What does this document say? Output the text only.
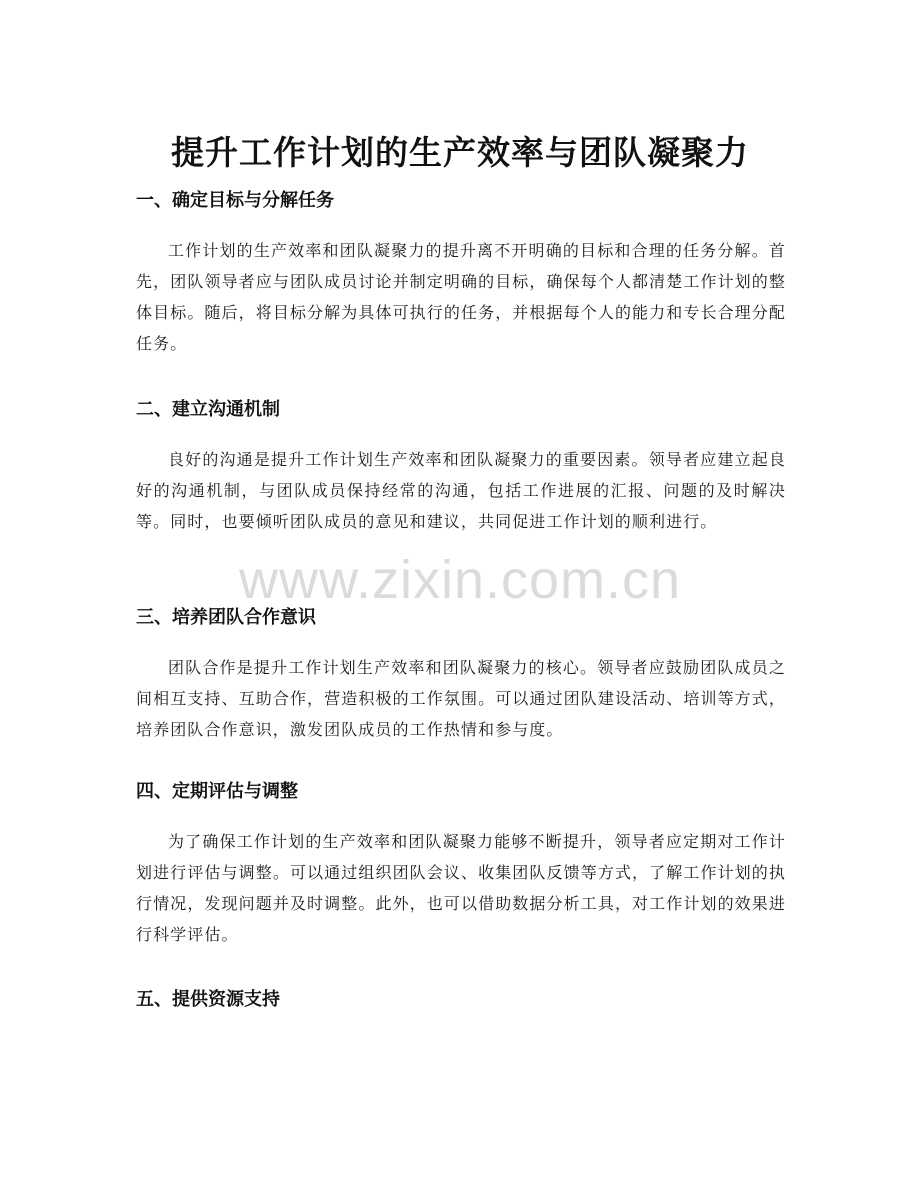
提升工作计划的生产效率与团队凝聚力
一、确定目标与分解任务

工作计划的生产效率和团队凝聚力的提升离不开明确的目标和合理的任务分解。首先，团队领导者应与团队成员讨论并制定明确的目标，确保每个人都清楚工作计划的整体目标。随后，将目标分解为具体可执行的任务，并根据每个人的能力和专长合理分配任务。

二、建立沟通机制

良好的沟通是提升工作计划生产效率和团队凝聚力的重要因素。领导者应建立起良好的沟通机制，与团队成员保持经常的沟通，包括工作进展的汇报、问题的及时解决等。同时，也要倾听团队成员的意见和建议，共同促进工作计划的顺利进行。

三、培养团队合作意识

团队合作是提升工作计划生产效率和团队凝聚力的核心。领导者应鼓励团队成员之间相互支持、互助合作，营造积极的工作氛围。可以通过团队建设活动、培训等方式，培养团队合作意识，激发团队成员的工作热情和参与度。

四、定期评估与调整

为了确保工作计划的生产效率和团队凝聚力能够不断提升，领导者应定期对工作计划进行评估与调整。可以通过组织团队会议、收集团队反馈等方式，了解工作计划的执行情况，发现问题并及时调整。此外，也可以借助数据分析工具，对工作计划的效果进行科学评估。

五、提供资源支持
www.zixin.com.cn
